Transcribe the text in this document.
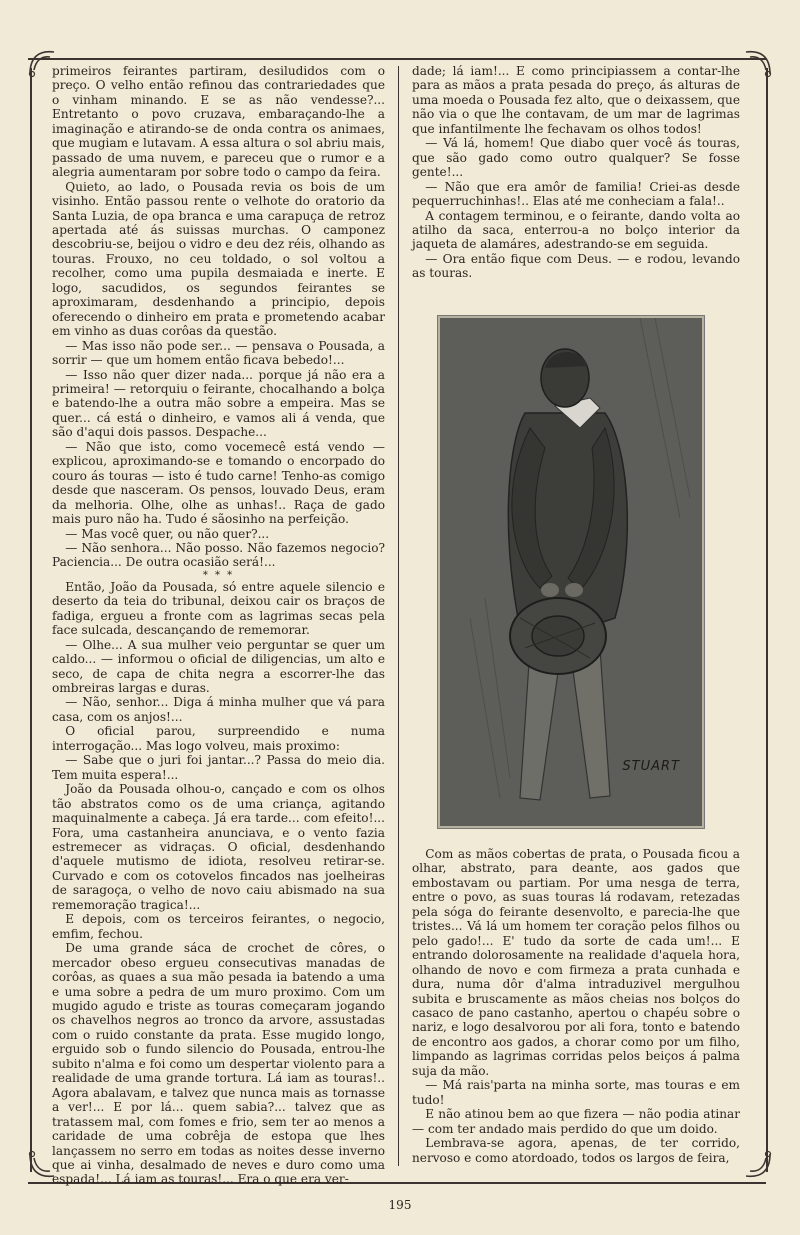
primeiros feirantes partiram, desiludidos com o preço. O velho então refinou das contrariedades que o vinham minando. E se as não vendesse?... Entretanto o povo cruzava, embaraçando-lhe a imaginação e atirando-se de onda contra os animaes, que mugiam e lutavam. A essa altura o sol abriu mais, passado de uma nuvem, e pareceu que o rumor e a alegria aumentaram por sobre todo o campo da feira.

Quieto, ao lado, o Pousada revia os bois de um visinho. Então passou rente o velhote do oratorio da Santa Luzia, de opa branca e uma carapuça de retroz apertada até ás suissas murchas. O camponez descobriu-se, beijou o vidro e deu dez réis, olhando as touras. Frouxo, no ceu toldado, o sol voltou a recolher, como uma pupila desmaiada e inerte. E logo, sacudidos, os segundos feirantes se aproximaram, desdenhando a principio, depois oferecendo o dinheiro em prata e prometendo acabar em vinho as duas corôas da questão.

— Mas isso não pode ser... — pensava o Pousada, a sorrir — que um homem então ficava bebedo!...

— Isso não quer dizer nada... porque já não era a primeira! — retorquiu o feirante, chocalhando a bolça e batendo-lhe a outra mão sobre a empeira. Mas se quer... cá está o dinheiro, e vamos ali á venda, que são d'aqui dois passos. Despache...

— Não que isto, como vocemecê está vendo — explicou, aproximando-se e tomando o encorpado do couro ás touras — isto é tudo carne! Tenho-as comigo desde que nasceram. Os pensos, louvado Deus, eram da melhoria. Olhe, olhe as unhas!.. Raça de gado mais puro não ha. Tudo é sãosinho na perfeição.

— Mas você quer, ou não quer?...

— Não senhora... Não posso. Não fazemos negocio? Paciencia... De outra ocasião será!...

* * *

Então, João da Pousada, só entre aquele silencio e deserto da teia do tribunal, deixou cair os braços de fadiga, ergueu a fronte com as lagrimas secas pela face sulcada, descançando de rememorar.

— Olhe... A sua mulher veio perguntar se quer um caldo... — informou o oficial de diligencias, um alto e seco, de capa de chita negra a escorrer-lhe das ombreiras largas e duras.

— Não, senhor... Diga á minha mulher que vá para casa, com os anjos!...

O oficial parou, surpreendido e numa interrogação... Mas logo volveu, mais proximo:

— Sabe que o juri foi jantar...? Passa do meio dia. Tem muita espera!...

João da Pousada olhou-o, cançado e com os olhos tão abstratos como os de uma criança, agitando maquinalmente a cabeça. Já era tarde... com efeito!... Fora, uma castanheira anunciava, e o vento fazia estremecer as vidraças. O oficial, desdenhando d'aquele mutismo de idiota, resolveu retirar-se. Curvado e com os cotovelos fincados nas joelheiras de saragoça, o velho de novo caiu abismado na sua rememoração tragica!...

E depois, com os terceiros feirantes, o negocio, emfim, fechou.

De uma grande sáca de crochet de côres, o mercador obeso ergueu consecutivas manadas de corôas, as quaes a sua mão pesada ia batendo a uma e uma sobre a pedra de um muro proximo. Com um mugido agudo e triste as touras começaram jogando os chavelhos negros ao tronco da arvore, assustadas com o ruido constante da prata. Esse mugido longo, erguido sob o fundo silencio do Pousada, entrou-lhe subito n'alma e foi como um despertar violento para a realidade de uma grande tortura. Lá iam as touras!.. Agora abalavam, e talvez que nunca mais as tornasse a ver!... E por lá... quem sabia?... talvez que as tratassem mal, com fomes e frio, sem ter ao menos a caridade de uma cobrêja de estopa que lhes lançassem no serro em todas as noites desse inverno que ai vinha, desalmado de neves e duro como uma espada!... Lá iam as touras!... Era o que era ver-

dade; lá iam!... E como principiassem a contar-lhe para as mãos a prata pesada do preço, ás alturas de uma moeda o Pousada fez alto, que o deixassem, que não via o que lhe contavam, de um mar de lagrimas que infantilmente lhe fechavam os olhos todos!

— Vá lá, homem! Que diabo quer você ás touras, que são gado como outro qualquer? Se fosse gente!...

— Não que era amôr de familia! Criei-as desde pequerruchinhas!.. Elas até me conheciam a fala!..

A contagem terminou, e o feirante, dando volta ao atilho da saca, enterrou-a no bolço interior da jaqueta de alamáres, adestrando-se em seguida.

— Ora então fique com Deus. — e rodou, levando as touras.

STUART

Com as mãos cobertas de prata, o Pousada ficou a olhar, abstrato, para deante, aos gados que embostavam ou partiam. Por uma nesga de terra, entre o povo, as suas touras lá rodavam, retezadas pela sóga do feirante desenvolto, e parecia-lhe que tristes... Vá lá um homem ter coração pelos filhos ou pelo gado!... E' tudo da sorte de cada um!... E entrando dolorosamente na realidade d'aquela hora, olhando de novo e com firmeza a prata cunhada e dura, numa dôr d'alma intraduzivel mergulhou subita e bruscamente as mãos cheias nos bolços do casaco de pano castanho, apertou o chapéu sobre o nariz, e logo desalvorou por ali fora, tonto e batendo de encontro aos gados, a chorar como por um filho, limpando as lagrimas corridas pelos beiços á palma suja da mão.

— Má rais'parta na minha sorte, mas touras e em tudo!

E não atinou bem ao que fizera — não podia atinar — com ter andado mais perdido do que um doido.

Lembrava-se agora, apenas, de ter corrido, nervoso e como atordoado, todos os largos de feira,

195
